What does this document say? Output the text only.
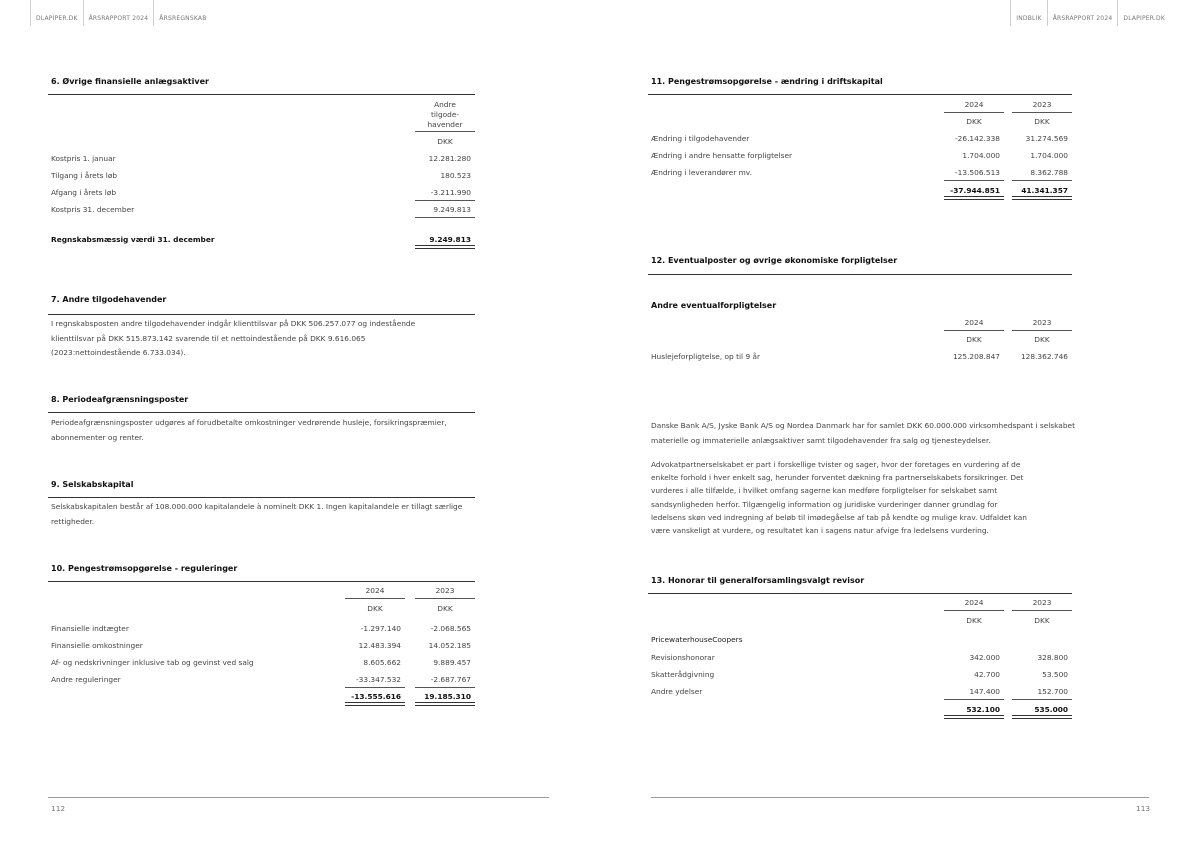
DLAPIPER.DK	ÅRSRAPPORT 2024	ÅRSREGNSKAB	INDBLIK	ÅRSRAPPORT 2024	DLAPIPER.DK
6. Øvrige finansielle anlægsaktiver
Andre
tilgode-
havender
DKK
Kostpris 1. januar	12.281.280
Tilgang i årets løb	180.523
Afgang i årets løb	-3.211.990
Kostpris 31. december	9.249.813
Regnskabsmæssig værdi 31. december	9.249.813
7. Andre tilgodehavender
I regnskabsposten andre tilgodehavender indgår klienttilsvar på DKK 506.257.077 og indestående
klienttilsvar på DKK 515.873.142 svarende til et nettoindestående på DKK 9.616.065
(2023:nettoindestående 6.733.034).
8. Periodeafgrænsningsposter
Periodeafgrænsningsposter udgøres af forudbetalte omkostninger vedrørende husleje, forsikringspræmier,
abonnementer og renter.
9. Selskabskapital
Selskabskapitalen består af 108.000.000 kapitalandele à nominelt DKK 1. Ingen kapitalandele er tillagt særlige
rettigheder.
10. Pengestrømsopgørelse - reguleringer
2024	2023
DKK	DKK
Finansielle indtægter	-1.297.140	-2.068.565
Finansielle omkostninger	12.483.394	14.052.185
Af- og nedskrivninger inklusive tab og gevinst ved salg	8.605.662	9.889.457
Andre reguleringer	-33.347.532	-2.687.767
-13.555.616	19.185.310
11. Pengestrømsopgørelse - ændring i driftskapital
2024	2023
DKK	DKK
Ændring i tilgodehavender	-26.142.338	31.274.569
Ændring i andre hensatte forpligtelser	1.704.000	1.704.000
Ændring i leverandører mv.	-13.506.513	8.362.788
-37.944.851	41.341.357
12. Eventualposter og øvrige økonomiske forpligtelser
Andre eventualforpligtelser
2024	2023
DKK	DKK
Huslejeforpligtelse, op til 9 år	125.208.847	128.362.746
Danske Bank A/S, Jyske Bank A/S og Nordea Danmark har for samlet DKK 60.000.000 virksomhedspant i selskabet
materielle og immaterielle anlægsaktiver samt tilgodehavender fra salg og tjenesteydelser.
Advokatpartnerselskabet er part i forskellige tvister og sager, hvor der foretages en vurdering af de
enkelte forhold i hver enkelt sag, herunder forventet dækning fra partnerselskabets forsikringer. Det
vurderes i alle tilfælde, i hvilket omfang sagerne kan medføre forpligtelser for selskabet samt
sandsynligheden herfor. Tilgængelig information og juridiske vurderinger danner grundlag for
ledelsens skøn ved indregning af beløb til imødegåelse af tab på kendte og mulige krav. Udfaldet kan
være vanskeligt at vurdere, og resultatet kan i sagens natur afvige fra ledelsens vurdering.
13. Honorar til generalforsamlingsvalgt revisor
2024	2023
DKK	DKK
PricewaterhouseCoopers
Revisionshonorar	342.000	328.800
Skatterådgivning	42.700	53.500
Andre ydelser	147.400	152.700
532.100	535.000
112	113
